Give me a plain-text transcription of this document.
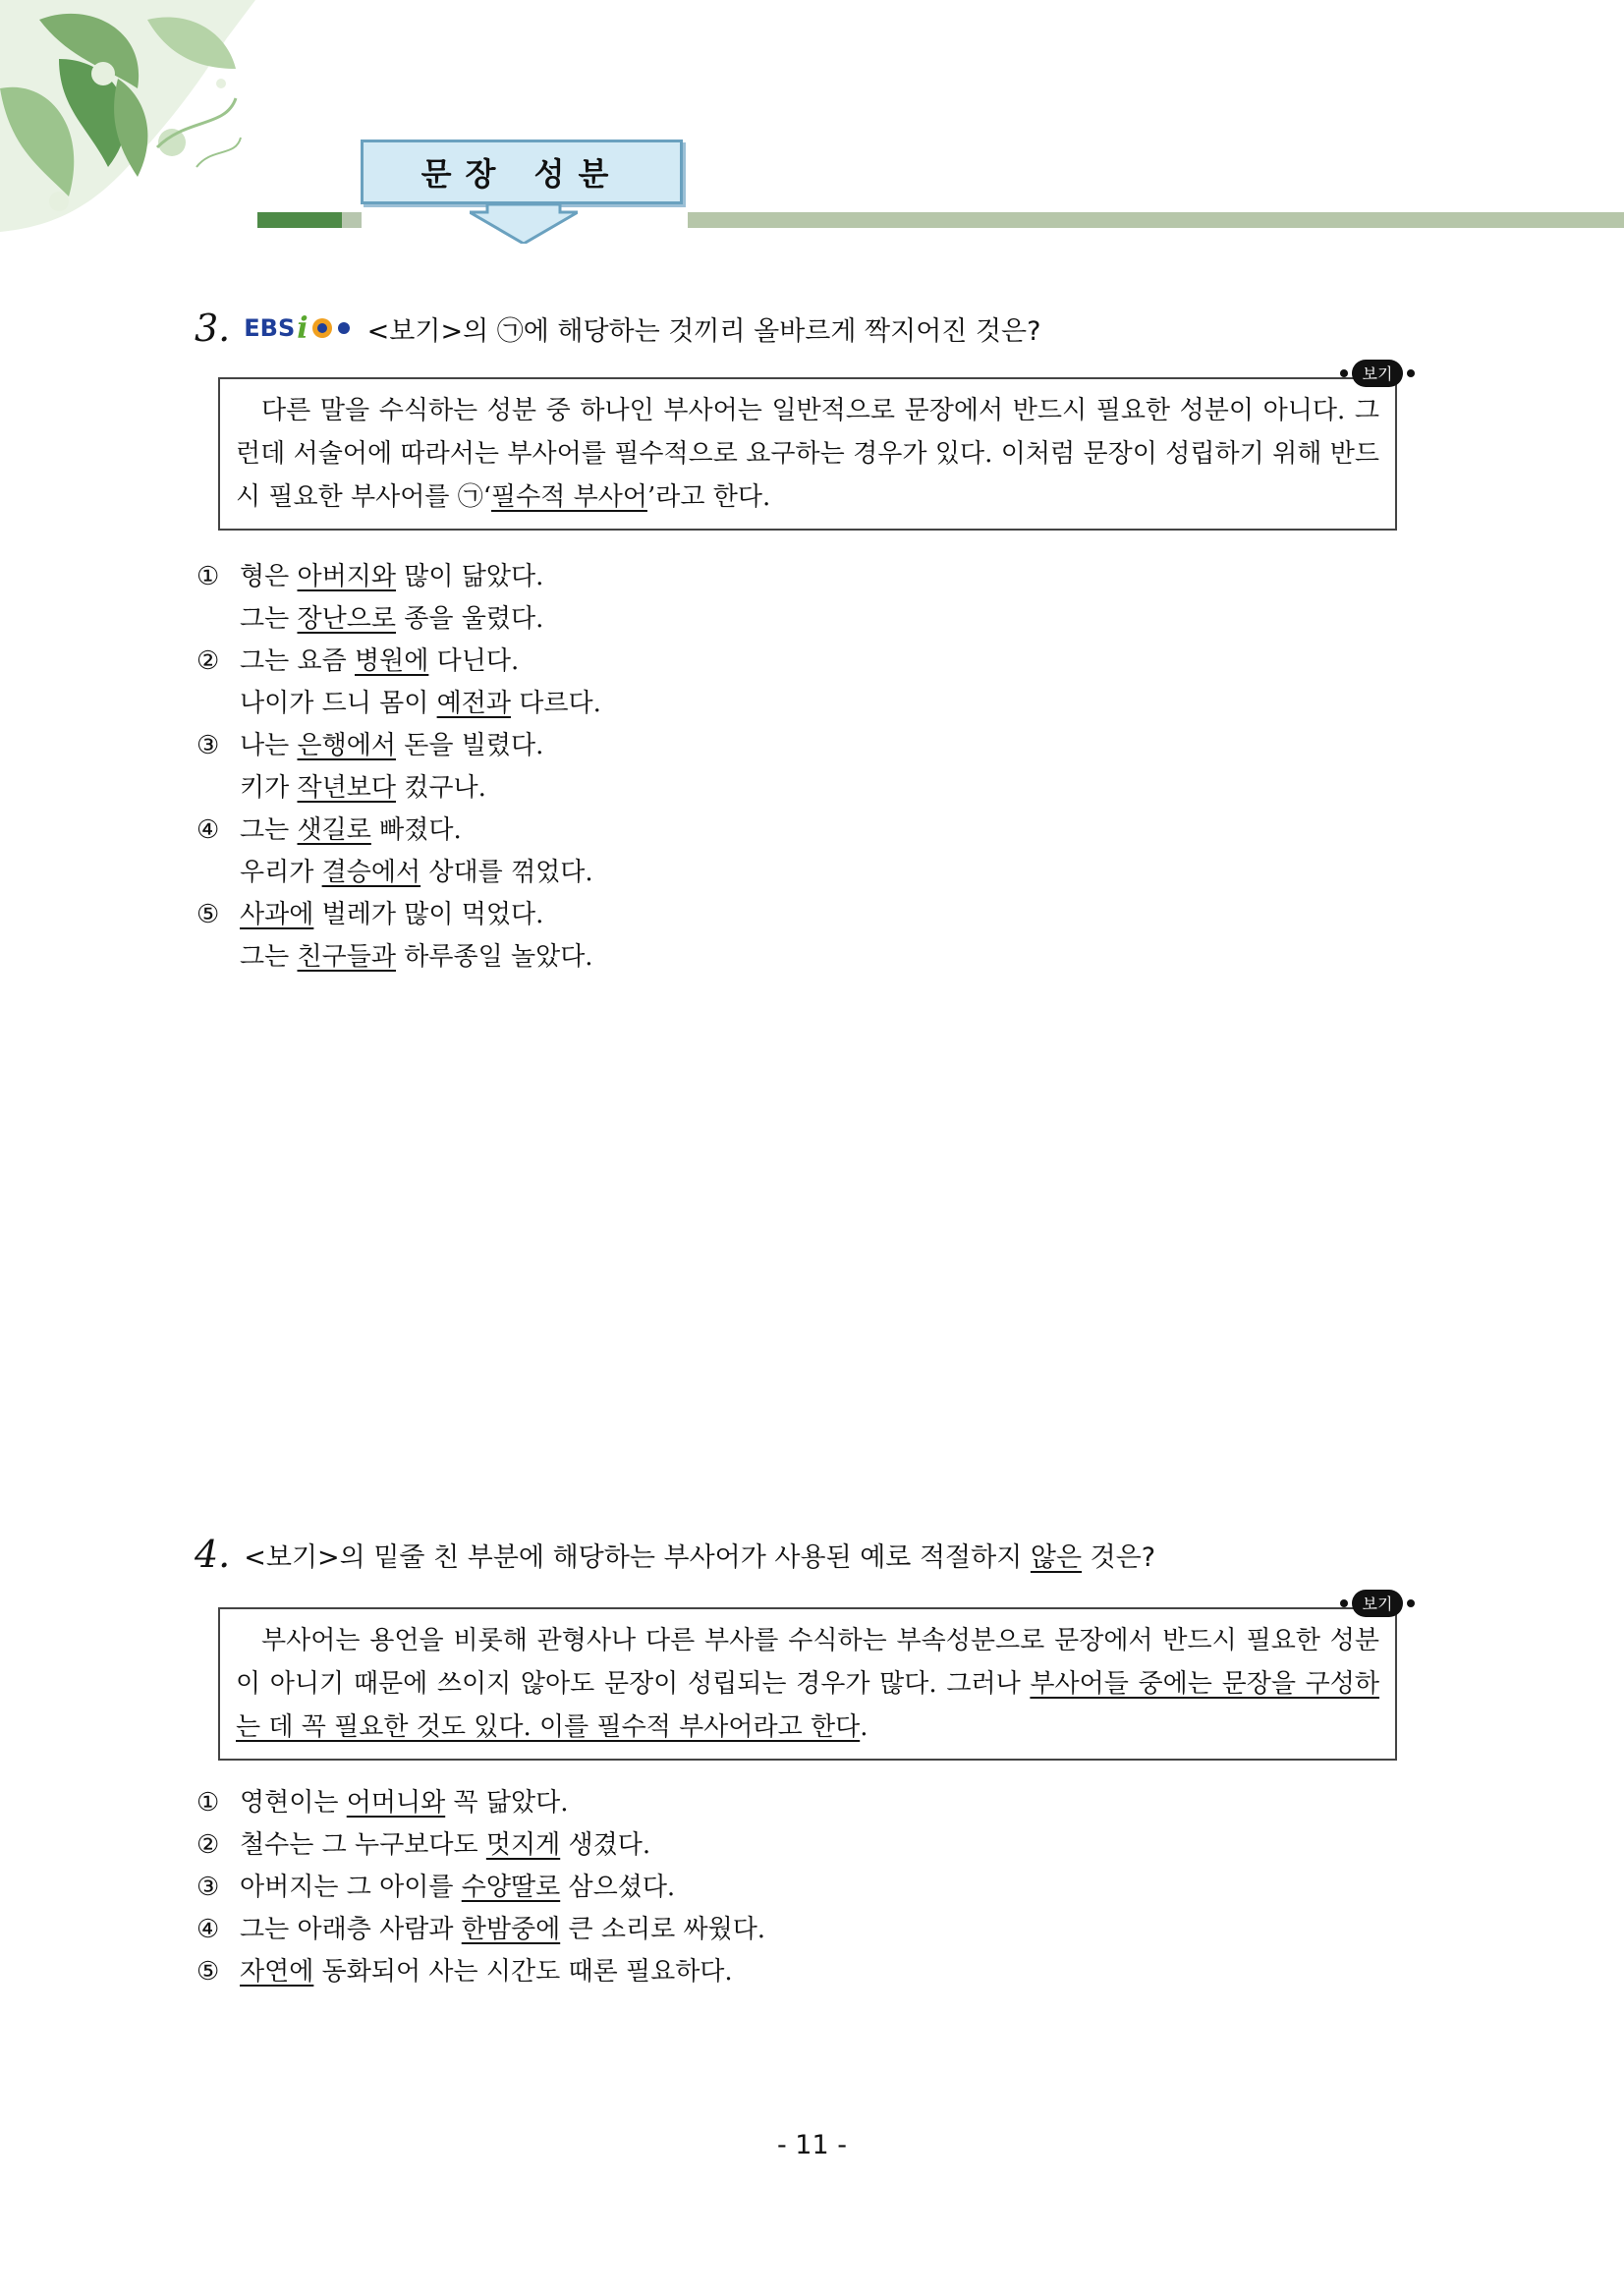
문장 성분
3. EBS i <보기>의 ㉠에 해당하는 것끼리 올바르게 짝지어진 것은?
보기

다른 말을 수식하는 성분 중 하나인 부사어는 일반적으로 문장에서 반드시 필요한 성분이 아니다. 그런데 서술어에 따라서는 부사어를 필수적으로 요구하는 경우가 있다. 이처럼 문장이 성립하기 위해 반드시 필요한 부사어를 ㉠‘필수적 부사어’라고 한다.

① 형은 아버지와 많이 닮았다.
그는 장난으로 종을 울렸다.
② 그는 요즘 병원에 다닌다.
나이가 드니 몸이 예전과 다르다.
③ 나는 은행에서 돈을 빌렸다.
키가 작년보다 컸구나.
④ 그는 샛길로 빠졌다.
우리가 결승에서 상대를 꺾었다.
⑤ 사과에 벌레가 많이 먹었다.
그는 친구들과 하루종일 놀았다.
4. <보기>의 밑줄 친 부분에 해당하는 부사어가 사용된 예로 적절하지 않은 것은?
보기

부사어는 용언을 비롯해 관형사나 다른 부사를 수식하는 부속성분으로 문장에서 반드시 필요한 성분이 아니기 때문에 쓰이지 않아도 문장이 성립되는 경우가 많다. 그러나 부사어들 중에는 문장을 구성하는 데 꼭 필요한 것도 있다. 이를 필수적 부사어라고 한다.

① 영현이는 어머니와 꼭 닮았다.
② 철수는 그 누구보다도 멋지게 생겼다.
③ 아버지는 그 아이를 수양딸로 삼으셨다.
④ 그는 아래층 사람과 한밤중에 큰 소리로 싸웠다.
⑤ 자연에 동화되어 사는 시간도 때론 필요하다.
- 11 -
